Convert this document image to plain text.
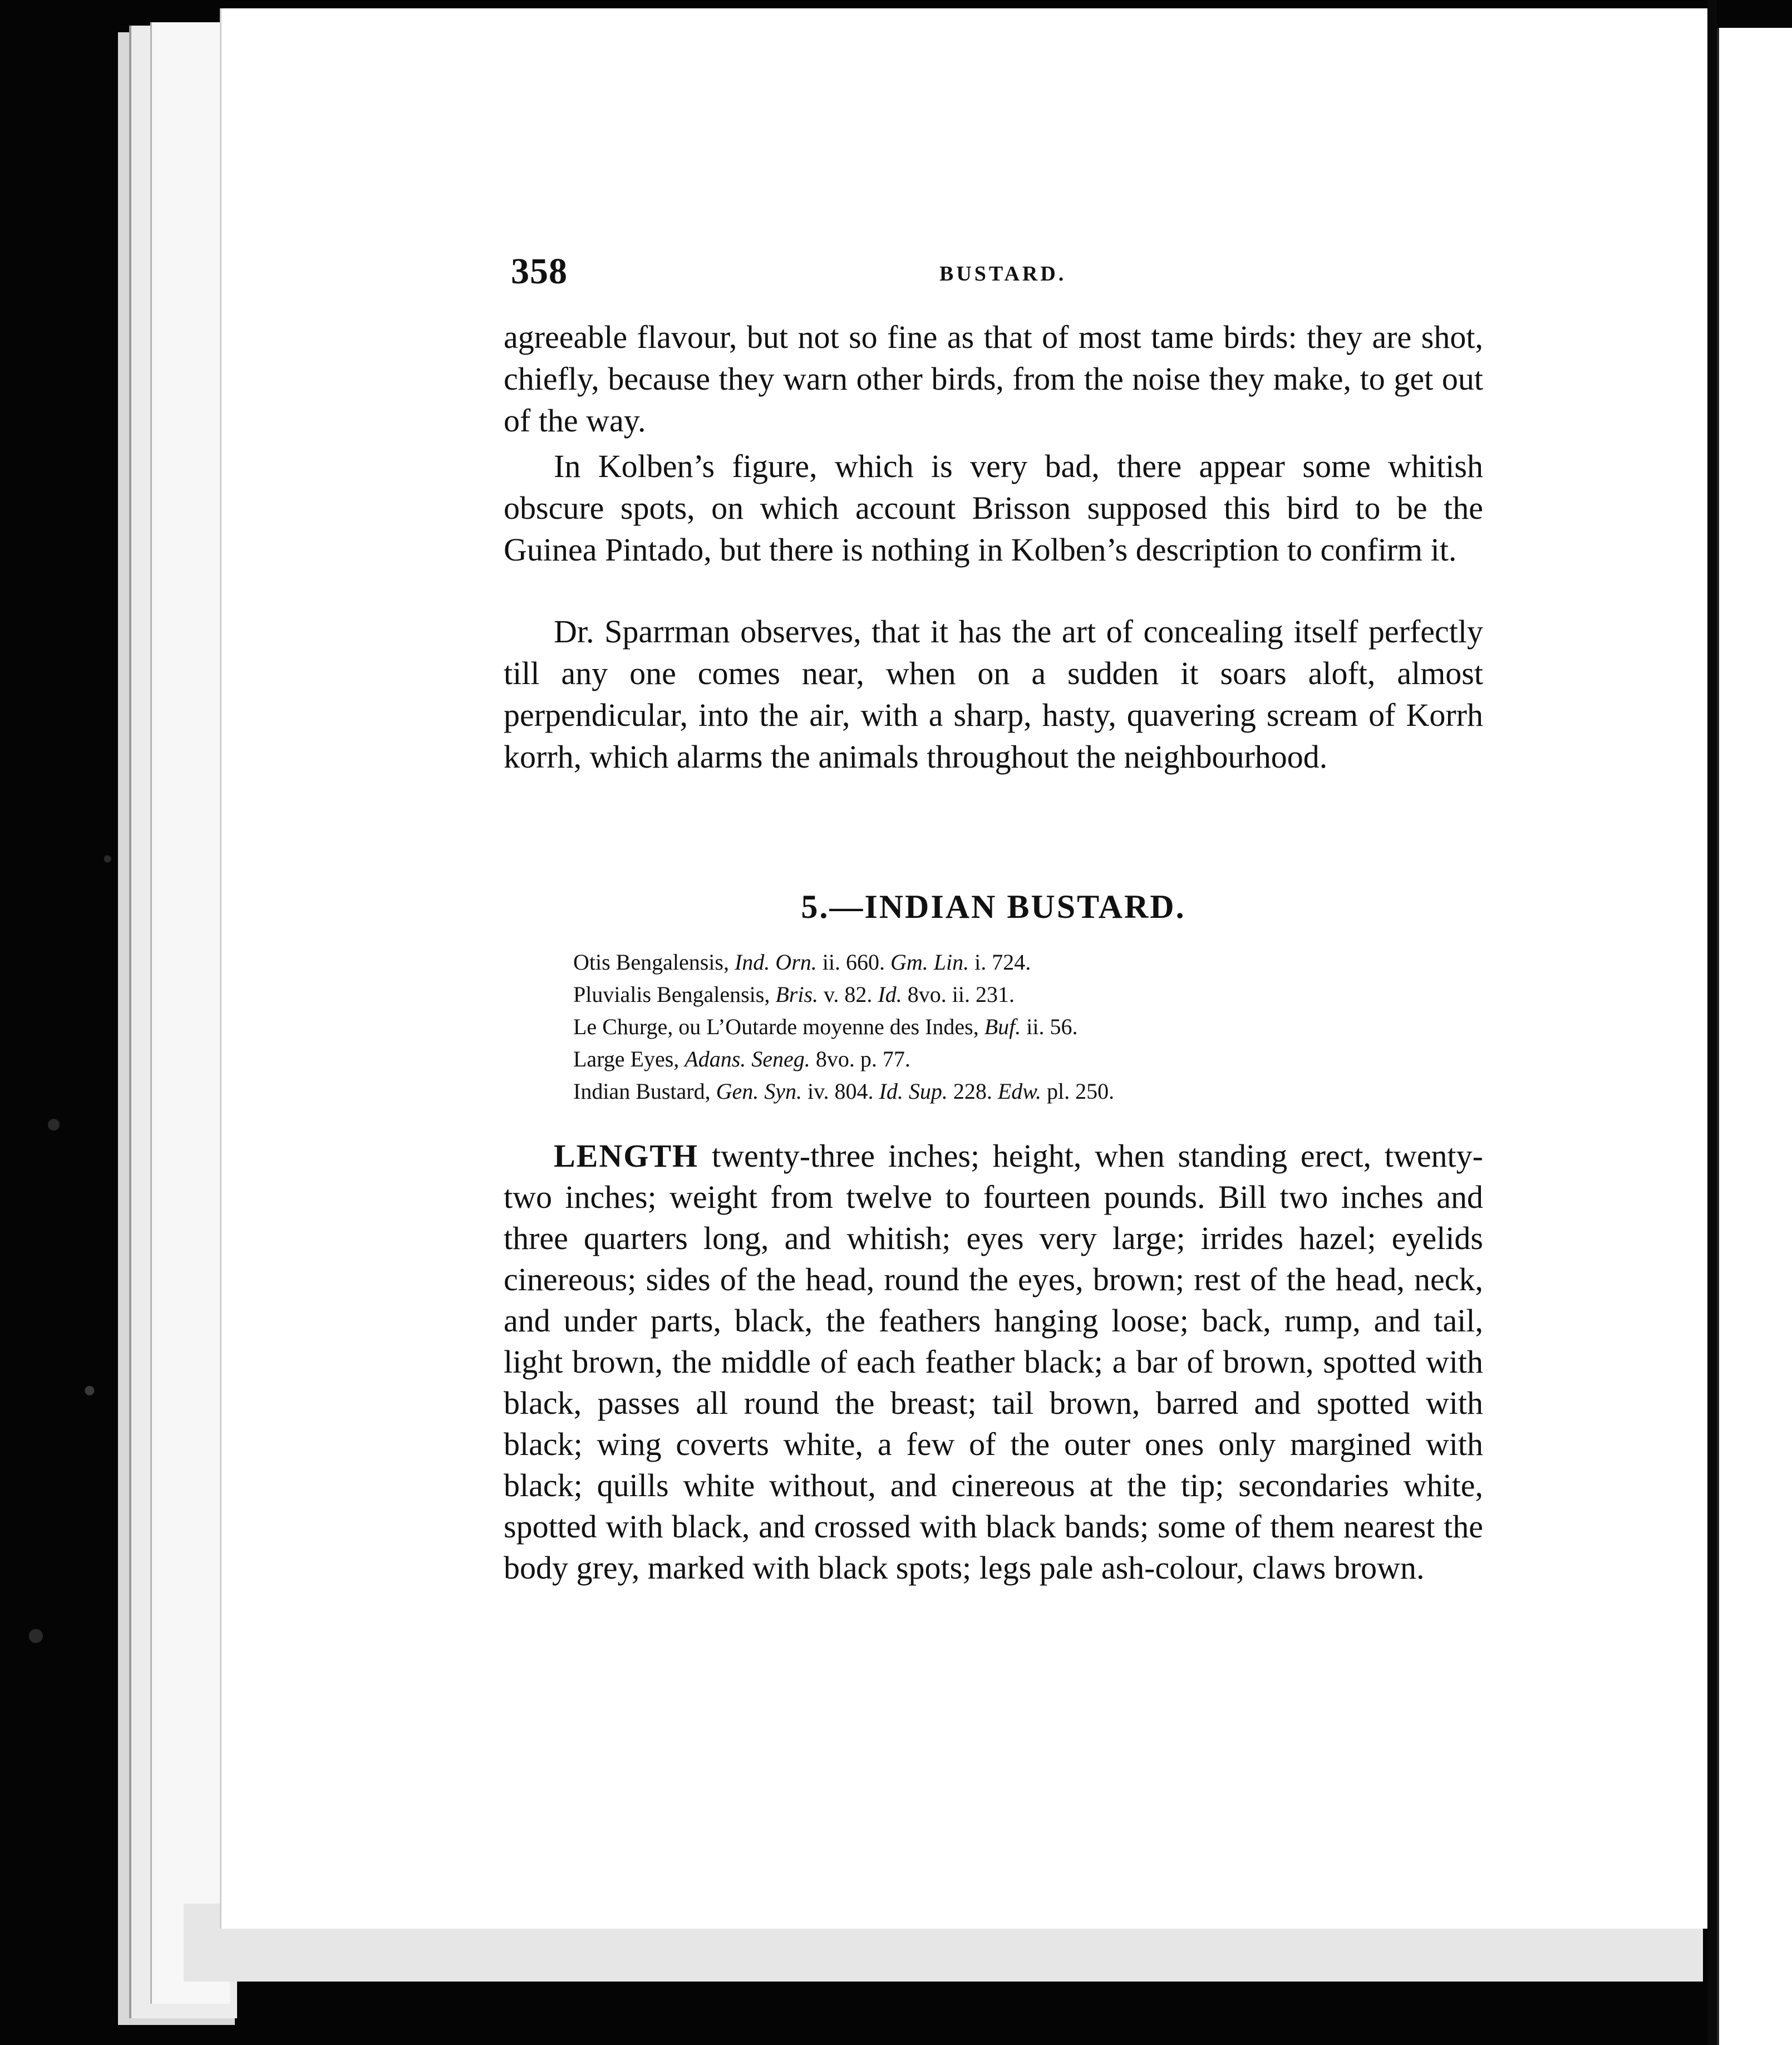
358	BUSTARD.

agreeable flavour, but not so fine as that of most tame birds: they are shot, chiefly, because they warn other birds, from the noise they make, to get out of the way.

In Kolben’s figure, which is very bad, there appear some whitish obscure spots, on which account Brisson supposed this bird to be the Guinea Pintado, but there is nothing in Kolben’s description to confirm it.

Dr. Sparrman observes, that it has the art of concealing itself perfectly till any one comes near, when on a sudden it soars aloft, almost perpendicular, into the air, with a sharp, hasty, quavering scream of Korrh korrh, which alarms the animals throughout the neighbourhood.

5.—INDIAN BUSTARD.
Otis Bengalensis, Ind. Orn. ii. 660. Gm. Lin. i. 724.
Pluvialis Bengalensis, Bris. v. 82. Id. 8vo. ii. 231.
Le Churge, ou L’Outarde moyenne des Indes, Buf. ii. 56.
Large Eyes, Adans. Seneg. 8vo. p. 77.
Indian Bustard, Gen. Syn. iv. 804. Id. Sup. 228. Edw. pl. 250.

LENGTH twenty-three inches; height, when standing erect, twenty-two inches; weight from twelve to fourteen pounds. Bill two inches and three quarters long, and whitish; eyes very large; irrides hazel; eyelids cinereous; sides of the head, round the eyes, brown; rest of the head, neck, and under parts, black, the feathers hanging loose; back, rump, and tail, light brown, the middle of each feather black; a bar of brown, spotted with black, passes all round the breast; tail brown, barred and spotted with black; wing coverts white, a few of the outer ones only margined with black; quills white without, and cinereous at the tip; secondaries white, spotted with black, and crossed with black bands; some of them nearest the body grey, marked with black spots; legs pale ash-colour, claws brown.
